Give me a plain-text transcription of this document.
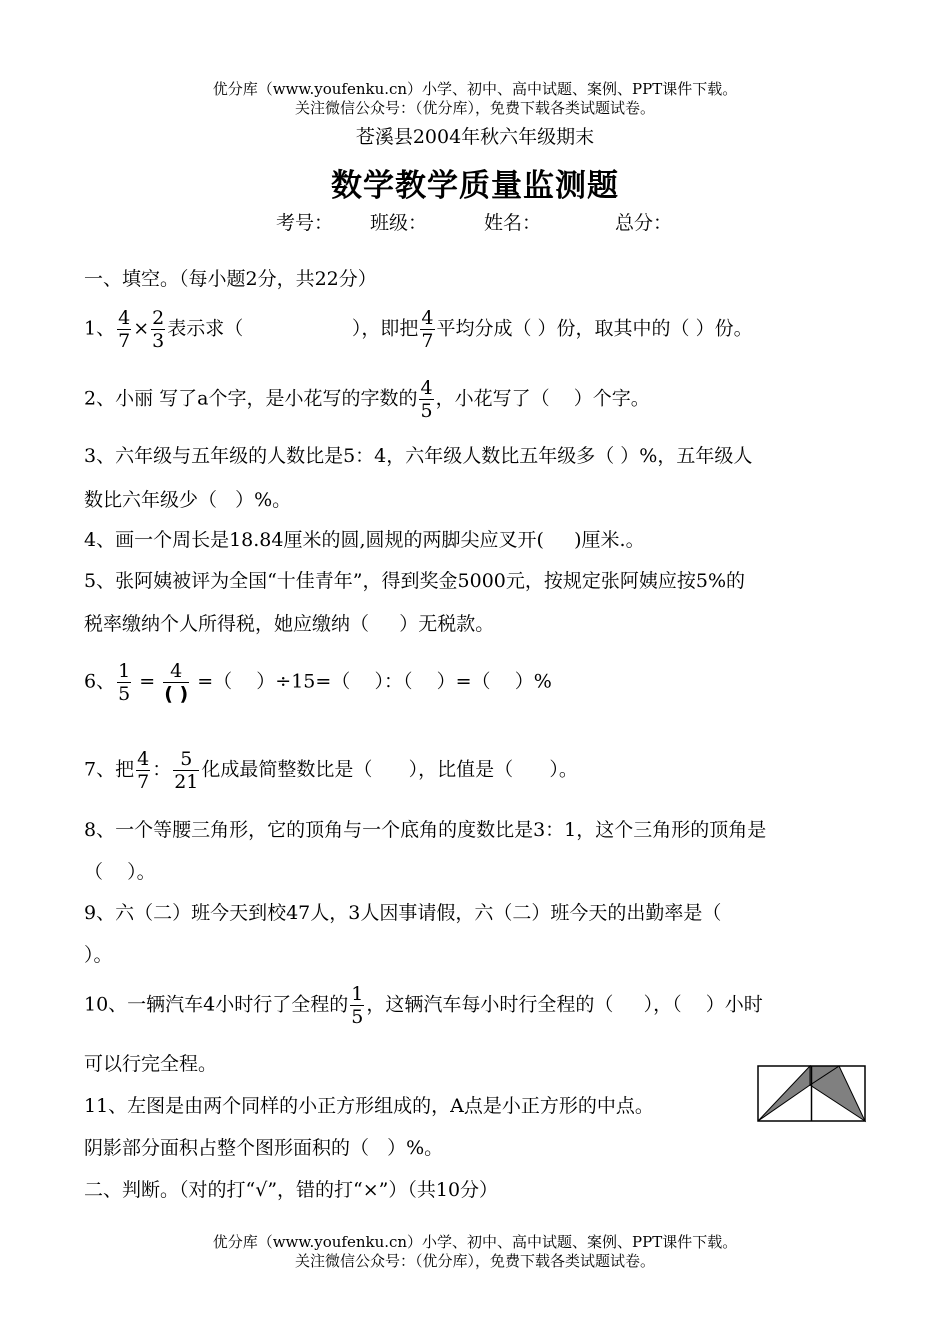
优分库（www.youfenku.cn）小学、初中、高中试题、案例、PPT课件下载。
关注微信公众号：（优分库），免费下载各类试题试卷。
苍溪县2004年秋六年级期末
数学教学质量监测题
考号： 班级：	姓名：	总分：
一、填空。（每小题2分，共22分）
1、 $\frac{4}{7} \times \frac{2}{3}$ 表示求（                  ），即把 $\frac{4}{7}$ 平均分成（ ）份，取其中的（ ）份。
2、小丽 写了a个字，是小花写的字数的 $\frac{4}{5}$ ，小花写了（    ）个字。
3、六年级与五年级的人数比是5：4，六年级人数比五年级多（ ）%，五年级人
数比六年级少（   ）%。
4、画一个周长是18.84厘米的圆,圆规的两脚尖应叉开(     )厘米.。
5、张阿姨被评为全国“十佳青年”，得到奖金5000元，按规定张阿姨应按5%的
税率缴纳个人所得税，她应缴纳（     ）无税款。
6、 $\frac{1}{5} = \frac{4}{( )}$ =（    ）÷15=（    ）：（    ）=（    ）%
7、把 $\frac{4}{7}$ ： $\frac{5}{21}$ 化成最简整数比是（      ），比值是（      ）。
8、一个等腰三角形，它的顶角与一个底角的度数比是3：1，这个三角形的顶角是
（    ）。
9、六（二）班今天到校47人，3人因事请假，六（二）班今天的出勤率是（
）。
10、一辆汽车4小时行了全程的 $\frac{1}{5}$ ，这辆汽车每小时行全程的（     ），（    ）小时
可以行完全程。
11、左图是由两个同样的小正方形组成的，A点是小正方形的中点。
阴影部分面积占整个图形面积的（   ）%。
二、判断。（对的打“√”，错的打“×”）（共10分）
优分库（www.youfenku.cn）小学、初中、高中试题、案例、PPT课件下载。
关注微信公众号：（优分库），免费下载各类试题试卷。
